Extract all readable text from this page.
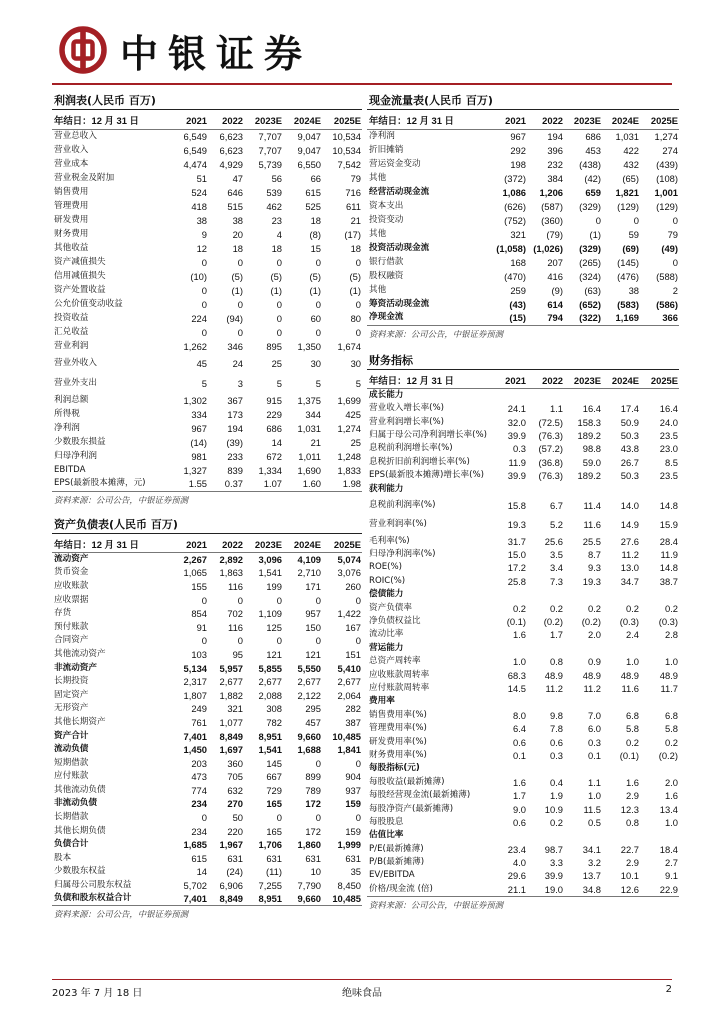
中银证券
利润表(人民币 百万)
年结日：12 月 31 日	2021	2022	2023E	2024E	2025E
营业总收入	6,549	6,623	7,707	9,047	10,534
营业收入	6,549	6,623	7,707	9,047	10,534
营业成本	4,474	4,929	5,739	6,550	7,542
营业税金及附加	51	47	56	66	79
销售费用	524	646	539	615	716
管理费用	418	515	462	525	611
研发费用	38	38	23	18	21
财务费用	9	20	4	(8)	(17)
其他收益	12	18	18	15	18
资产减值损失	0	0	0	0	0
信用减值损失	(10)	(5)	(5)	(5)	(5)
资产处置收益	0	(1)	(1)	(1)	(1)
公允价值变动收益	0	0	0	0	0
投资收益	224	(94)	0	60	80
汇兑收益	0	0	0	0	0
营业利润	1,262	346	895	1,350	1,674
营业外收入	45	24	25	30	30
营业外支出	5	3	5	5	5
利润总额	1,302	367	915	1,375	1,699
所得税	334	173	229	344	425
净利润	967	194	686	1,031	1,274
少数股东损益	(14)	(39)	14	21	25
归母净利润	981	233	672	1,011	1,248
EBITDA	1,327	839	1,334	1,690	1,833
EPS(最新股本摊薄，元)	1.55	0.37	1.07	1.60	1.98
资料来源：公司公告，中银证券预测
资产负债表(人民币 百万)
年结日：12 月 31 日	2021	2022	2023E	2024E	2025E
流动资产	2,267	2,892	3,096	4,109	5,074
货币资金	1,065	1,863	1,541	2,710	3,076
应收账款	155	116	199	171	260
应收票据	0	0	0	0	0
存货	854	702	1,109	957	1,422
预付账款	91	116	125	150	167
合同资产	0	0	0	0	0
其他流动资产	103	95	121	121	151
非流动资产	5,134	5,957	5,855	5,550	5,410
长期投资	2,317	2,677	2,677	2,677	2,677
固定资产	1,807	1,882	2,088	2,122	2,064
无形资产	249	321	308	295	282
其他长期资产	761	1,077	782	457	387
资产合计	7,401	8,849	8,951	9,660	10,485
流动负债	1,450	1,697	1,541	1,688	1,841
短期借款	203	360	145	0	0
应付账款	473	705	667	899	904
其他流动负债	774	632	729	789	937
非流动负债	234	270	165	172	159
长期借款	0	50	0	0	0
其他长期负债	234	220	165	172	159
负债合计	1,685	1,967	1,706	1,860	1,999
股本	615	631	631	631	631
少数股东权益	14	(24)	(11)	10	35
归属母公司股东权益	5,702	6,906	7,255	7,790	8,450
负债和股东权益合计	7,401	8,849	8,951	9,660	10,485
资料来源：公司公告，中银证券预测
现金流量表(人民币 百万)
年结日：12 月 31 日	2021	2022	2023E	2024E	2025E
净利润	967	194	686	1,031	1,274
折旧摊销	292	396	453	422	274
营运资金变动	198	232	(438)	432	(439)
其他	(372)	384	(42)	(65)	(108)
经营活动现金流	1,086	1,206	659	1,821	1,001
资本支出	(626)	(587)	(329)	(129)	(129)
投资变动	(752)	(360)	0	0	0
其他	321	(79)	(1)	59	79
投资活动现金流	(1,058)	(1,026)	(329)	(69)	(49)
银行借款	168	207	(265)	(145)	0
股权融资	(470)	416	(324)	(476)	(588)
其他	259	(9)	(63)	38	2
筹资活动现金流	(43)	614	(652)	(583)	(586)
净现金流	(15)	794	(322)	1,169	366
资料来源：公司公告，中银证券预测
财务指标
年结日：12 月 31 日	2021	2022	2023E	2024E	2025E
成长能力					
营业收入增长率(%)	24.1	1.1	16.4	17.4	16.4
营业利润增长率(%)	32.0	(72.5)	158.3	50.9	24.0
归属于母公司净利润增长率(%)	39.9	(76.3)	189.2	50.3	23.5
息税前利润增长率(%)	0.3	(57.2)	98.8	43.8	23.0
息税折旧前利润增长率(%)	11.9	(36.8)	59.0	26.7	8.5
EPS(最新股本摊薄)增长率(%)	39.9	(76.3)	189.2	50.3	23.5
获利能力					
息税前利润率(%)	15.8	6.7	11.4	14.0	14.8
营业利润率(%)	19.3	5.2	11.6	14.9	15.9
毛利率(%)	31.7	25.6	25.5	27.6	28.4
归母净利润率(%)	15.0	3.5	8.7	11.2	11.9
ROE(%)	17.2	3.4	9.3	13.0	14.8
ROIC(%)	25.8	7.3	19.3	34.7	38.7
偿债能力					
资产负债率	0.2	0.2	0.2	0.2	0.2
净负债权益比	(0.1)	(0.2)	(0.2)	(0.3)	(0.3)
流动比率	1.6	1.7	2.0	2.4	2.8
营运能力					
总资产周转率	1.0	0.8	0.9	1.0	1.0
应收账款周转率	68.3	48.9	48.9	48.9	48.9
应付账款周转率	14.5	11.2	11.2	11.6	11.7
费用率					
销售费用率(%)	8.0	9.8	7.0	6.8	6.8
管理费用率(%)	6.4	7.8	6.0	5.8	5.8
研发费用率(%)	0.6	0.6	0.3	0.2	0.2
财务费用率(%)	0.1	0.3	0.1	(0.1)	(0.2)
每股指标(元)					
每股收益(最新摊薄)	1.6	0.4	1.1	1.6	2.0
每股经营现金流(最新摊薄)	1.7	1.9	1.0	2.9	1.6
每股净资产(最新摊薄)	9.0	10.9	11.5	12.3	13.4
每股股息	0.6	0.2	0.5	0.8	1.0
估值比率					
P/E(最新摊薄)	23.4	98.7	34.1	22.7	18.4
P/B(最新摊薄)	4.0	3.3	3.2	2.9	2.7
EV/EBITDA	29.6	39.9	13.7	10.1	9.1
价格/现金流 (倍)	21.1	19.0	34.8	12.6	22.9
资料来源：公司公告，中银证券预测
2023 年 7 月 18 日	绝味食品	2
